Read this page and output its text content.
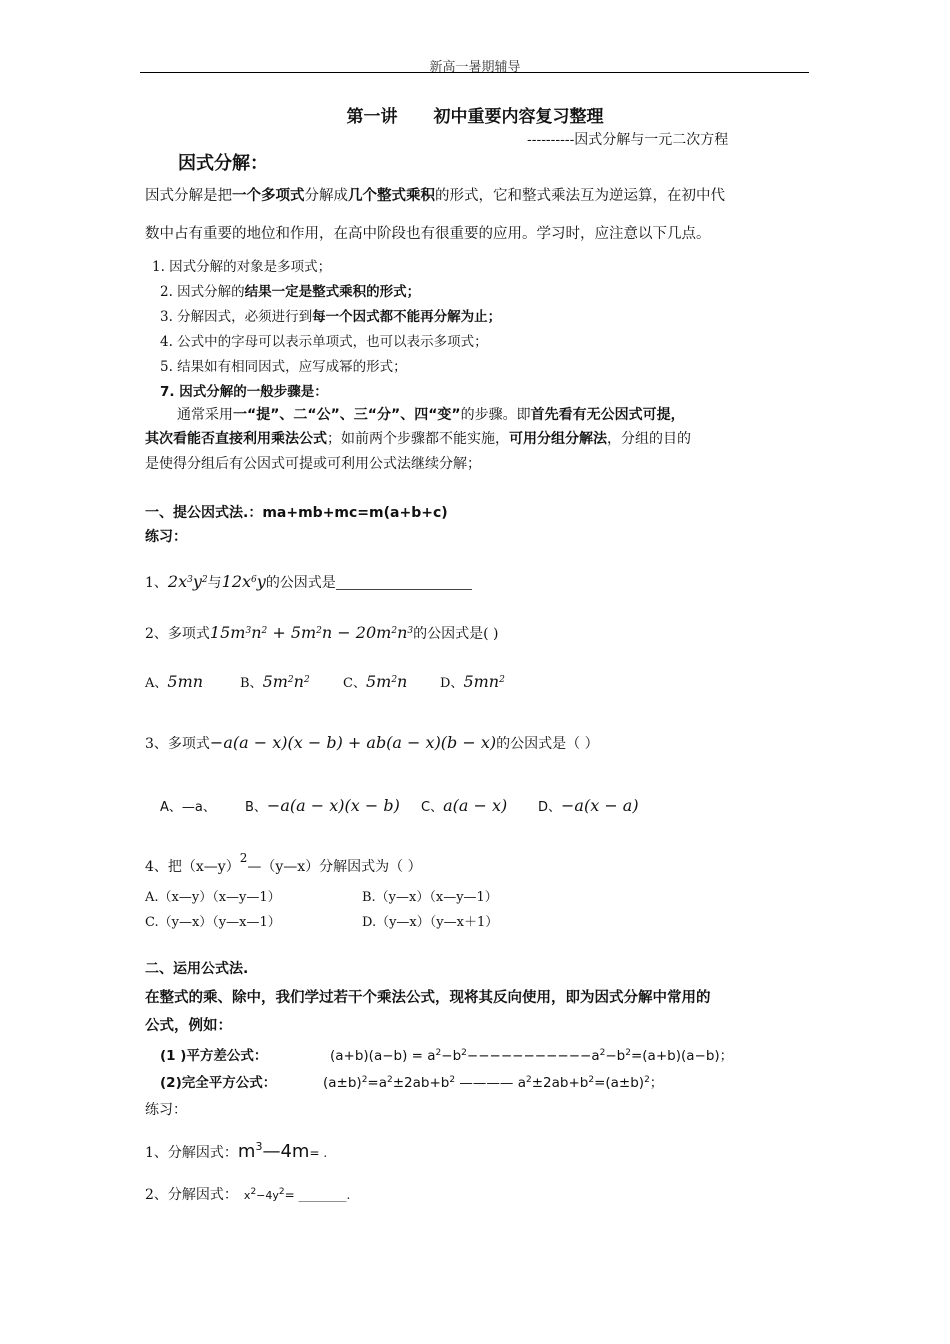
新高一暑期辅导
第一讲 初中重要内容复习整理
----------因式分解与一元二次方程
因式分解：
因式分解是把一个多项式分解成几个整式乘积的形式，它和整式乘法互为逆运算，在初中代
数中占有重要的地位和作用，在高中阶段也有很重要的应用。学习时，应注意以下几点。
1. 因式分解的对象是多项式；
2. 因式分解的结果一定是整式乘积的形式；
3. 分解因式，必须进行到每一个因式都不能再分解为止；
4. 公式中的字母可以表示单项式，也可以表示多项式；
5. 结果如有相同因式，应写成幂的形式；
7. 因式分解的一般步骤是：
通常采用一“提”、二“公”、三“分”、四“变”的步骤。即首先看有无公因式可提，
其次看能否直接利用乘法公式；如前两个步骤都不能实施，可用分组分解法，分组的目的
是使得分组后有公因式可提或可利用公式法继续分解；
一、提公因式法.：ma+mb+mc=m(a+b+c)
练习：
1、$2x^3y^2$与$12x^6y$的公因式是
2、多项式$15m^3n^2 + 5m^2n - 20m^2n^3$的公因式是( )
A、5mn	B、$5m^2n^2$	C、$5m^2n$	D、$5mn^2$
3、多项式−a(a − x)(x − b) + ab(a − x)(b − x)的公因式是（ ）
A、—a、 B、−a(a − x)(x − b) C、a(a − x) D、−a(x − a)
4、把（x—y）$^2$—（y—x）分解因式为（ ）
A.（x—y）（x—y—1）	B.（y—x）（x—y—1）
C.（y—x）（y—x—1）	D.（y—x）（y—x＋1）
二、运用公式法.
在整式的乘、除中，我们学过若干个乘法公式，现将其反向使用，即为因式分解中常用的
公式，例如：
(1 )平方差公式：	$(a+b)(a-b) = a^2-b^2-----------a^2-b^2=(a+b)(a-b)$；
(2)完全平方公式：	$(a\pm b)^2=a^2\pm 2ab+b^2$ ———— $a^2\pm 2ab+b^2=(a\pm b)^2$；
练习：
1、分解因式：$m^3—4m=$ .
2、分解因式： $x^2-4y^2=$ ________.
